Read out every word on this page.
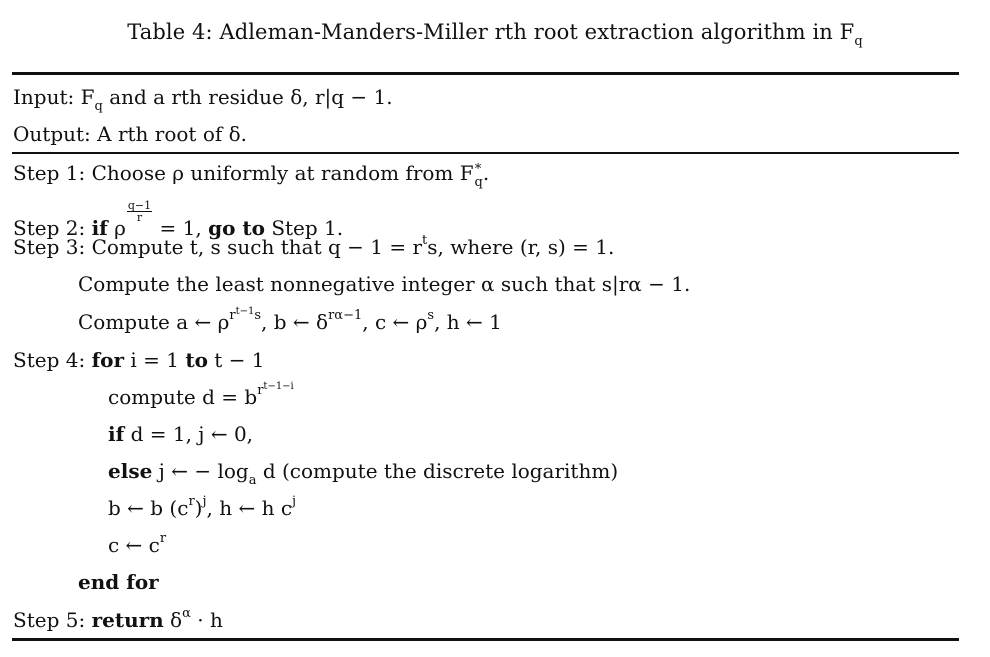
Table 4: Adleman-Manders-Miller rth root extraction algorithm in $F_q$
Input: $F_q$ and a rth residue δ, r|q − 1.
Output: A rth root of δ.
Step 1: Choose ρ uniformly at random from $F^∗_q$.
Step 2: if ρ
$\frac{q-1}{r}$
= 1, go to Step 1.
Step 3: Compute t, s such that $q - 1 = r^ts$, where (r, s) = 1.
Compute the least nonnegative integer α such that s|rα − 1.
Compute a ← $\rho^{rt-1s}$, b ← $\delta^{r\alpha-1}$, c ← $\rho^s$, h ← 1
Step 4: for i = 1 to t − 1
compute $d = b^{rt-1-i}$
if d = 1, j ← 0,
else j ← − $\log_a d$ (compute the discrete logarithm)
b ← b $(c^r)^j$, h ← h $c^j$
c ← $c^r$
end for
Step 5: return $\delta^\alpha \cdot h$
